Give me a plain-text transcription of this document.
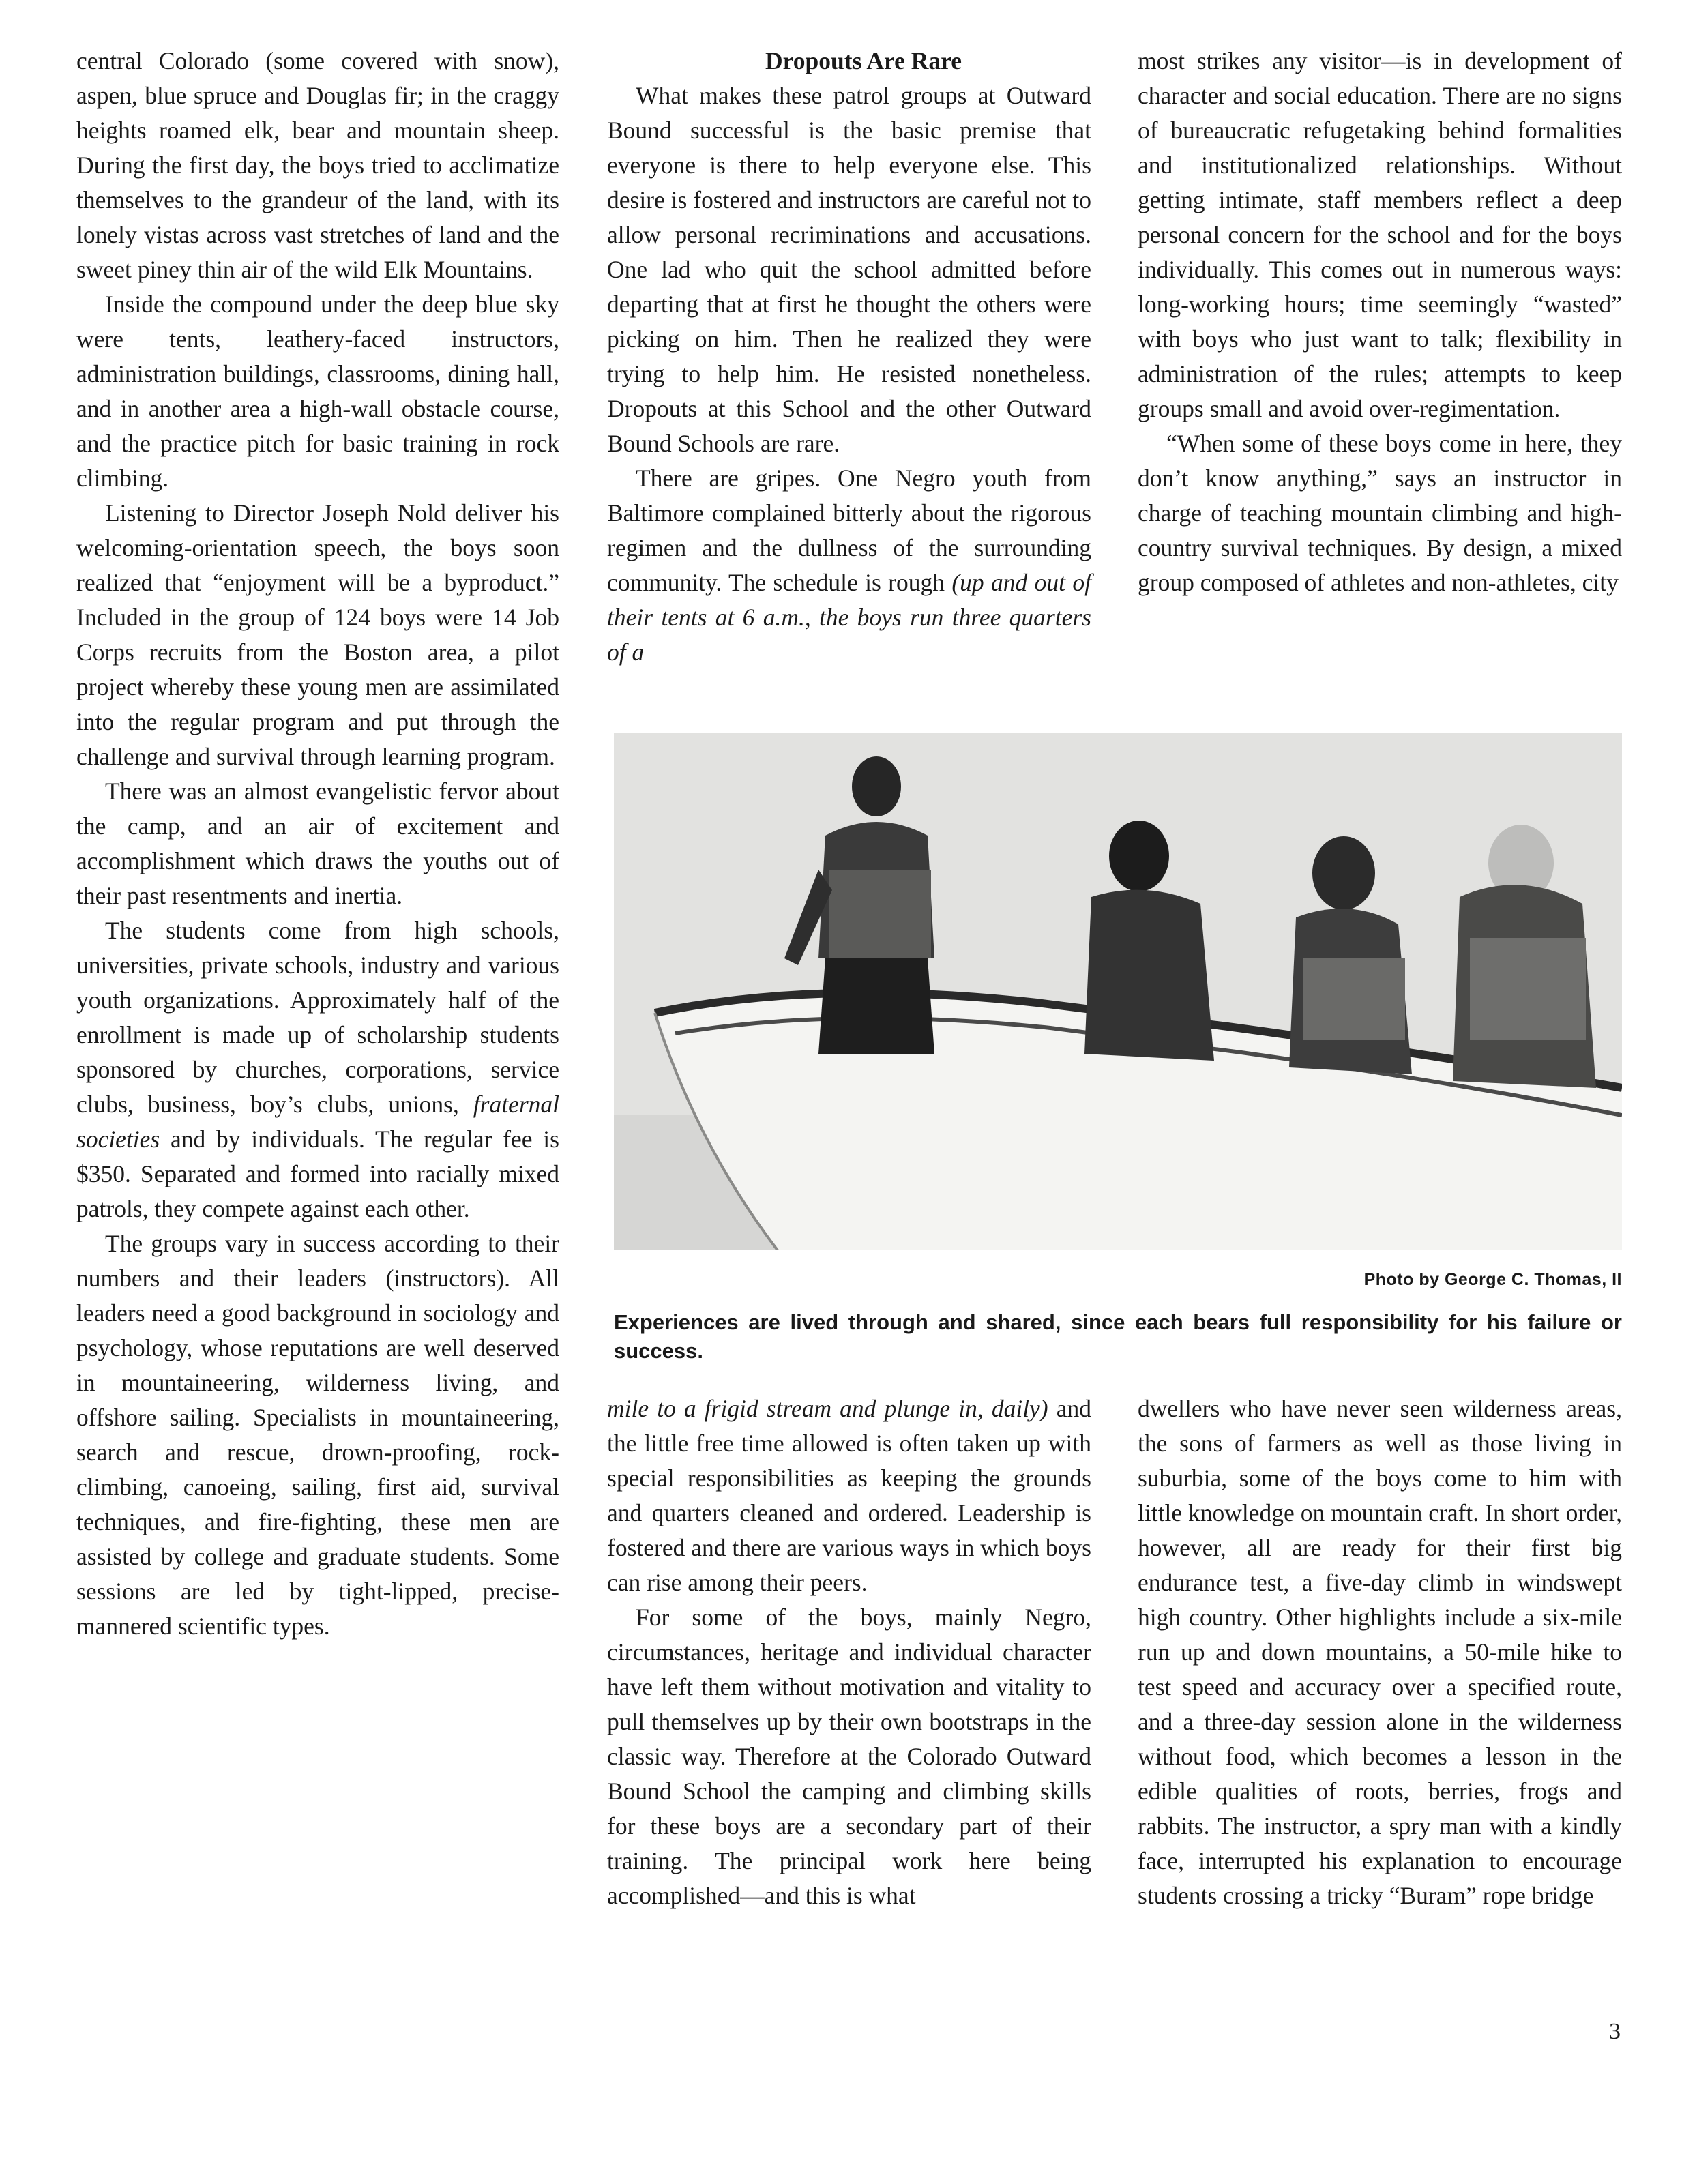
central Colorado (some covered with snow), aspen, blue spruce and Douglas fir; in the craggy heights roamed elk, bear and mountain sheep. During the first day, the boys tried to acclimatize themselves to the grandeur of the land, with its lonely vistas across vast stretches of land and the sweet piney thin air of the wild Elk Mountains.

Inside the compound under the deep blue sky were tents, leathery-faced instructors, administration buildings, classrooms, dining hall, and in another area a high-wall obstacle course, and the practice pitch for basic training in rock climbing.

Listening to Director Joseph Nold deliver his welcoming-orientation speech, the boys soon realized that “enjoyment will be a byproduct.” Included in the group of 124 boys were 14 Job Corps recruits from the Boston area, a pilot project whereby these young men are assimilated into the regular program and put through the challenge and survival through learning program.

There was an almost evangelistic fervor about the camp, and an air of excitement and accomplishment which draws the youths out of their past resentments and inertia.

The students come from high schools, universities, private schools, industry and various youth organizations. Approximately half of the enrollment is made up of scholarship students sponsored by churches, corporations, service clubs, business, boy’s clubs, unions, fraternal societies and by individuals. The regular fee is $350. Separated and formed into racially mixed patrols, they compete against each other.

The groups vary in success according to their numbers and their leaders (instructors). All leaders need a good background in sociology and psychology, whose reputations are well deserved in mountaineering, wilderness living, and offshore sailing. Specialists in mountaineering, search and rescue, drown-proofing, rock-climbing, canoeing, sailing, first aid, survival techniques, and fire-fighting, these men are assisted by college and graduate students. Some sessions are led by tight-lipped, precise-mannered scientific types.

Dropouts Are Rare

What makes these patrol groups at Outward Bound successful is the basic premise that everyone is there to help everyone else. This desire is fostered and instructors are careful not to allow personal recriminations and accusations. One lad who quit the school admitted before departing that at first he thought the others were picking on him. Then he realized they were trying to help him. He resisted nonetheless. Dropouts at this School and the other Outward Bound Schools are rare.

There are gripes. One Negro youth from Baltimore complained bitterly about the rigorous regimen and the dullness of the surrounding community. The schedule is rough (up and out of their tents at 6 a.m., the boys run three quarters of a

most strikes any visitor—is in development of character and social education. There are no signs of bureaucratic refugetaking behind formalities and institutionalized relationships. Without getting intimate, staff members reflect a deep personal concern for the school and for the boys individually. This comes out in numerous ways: long-working hours; time seemingly “wasted” with boys who just want to talk; flexibility in administration of the rules; attempts to keep groups small and avoid over-regimentation.

“When some of these boys come in here, they don’t know anything,” says an instructor in charge of teaching mountain climbing and high-country survival techniques. By design, a mixed group composed of athletes and non-athletes, city

Photo by George C. Thomas, II
Experiences are lived through and shared, since each bears full responsibility for his failure or success.

mile to a frigid stream and plunge in, daily) and the little free time allowed is often taken up with special responsibilities as keeping the grounds and quarters cleaned and ordered. Leadership is fostered and there are various ways in which boys can rise among their peers.

For some of the boys, mainly Negro, circumstances, heritage and individual character have left them without motivation and vitality to pull themselves up by their own bootstraps in the classic way. Therefore at the Colorado Outward Bound School the camping and climbing skills for these boys are a secondary part of their training. The principal work here being accomplished—and this is what

dwellers who have never seen wilderness areas, the sons of farmers as well as those living in suburbia, some of the boys come to him with little knowledge on mountain craft. In short order, however, all are ready for their first big endurance test, a five-day climb in windswept high country. Other highlights include a six-mile run up and down mountains, a 50-mile hike to test speed and accuracy over a specified route, and a three-day session alone in the wilderness without food, which becomes a lesson in the edible qualities of roots, berries, frogs and rabbits. The instructor, a spry man with a kindly face, interrupted his explanation to encourage students crossing a tricky “Buram” rope bridge

3
